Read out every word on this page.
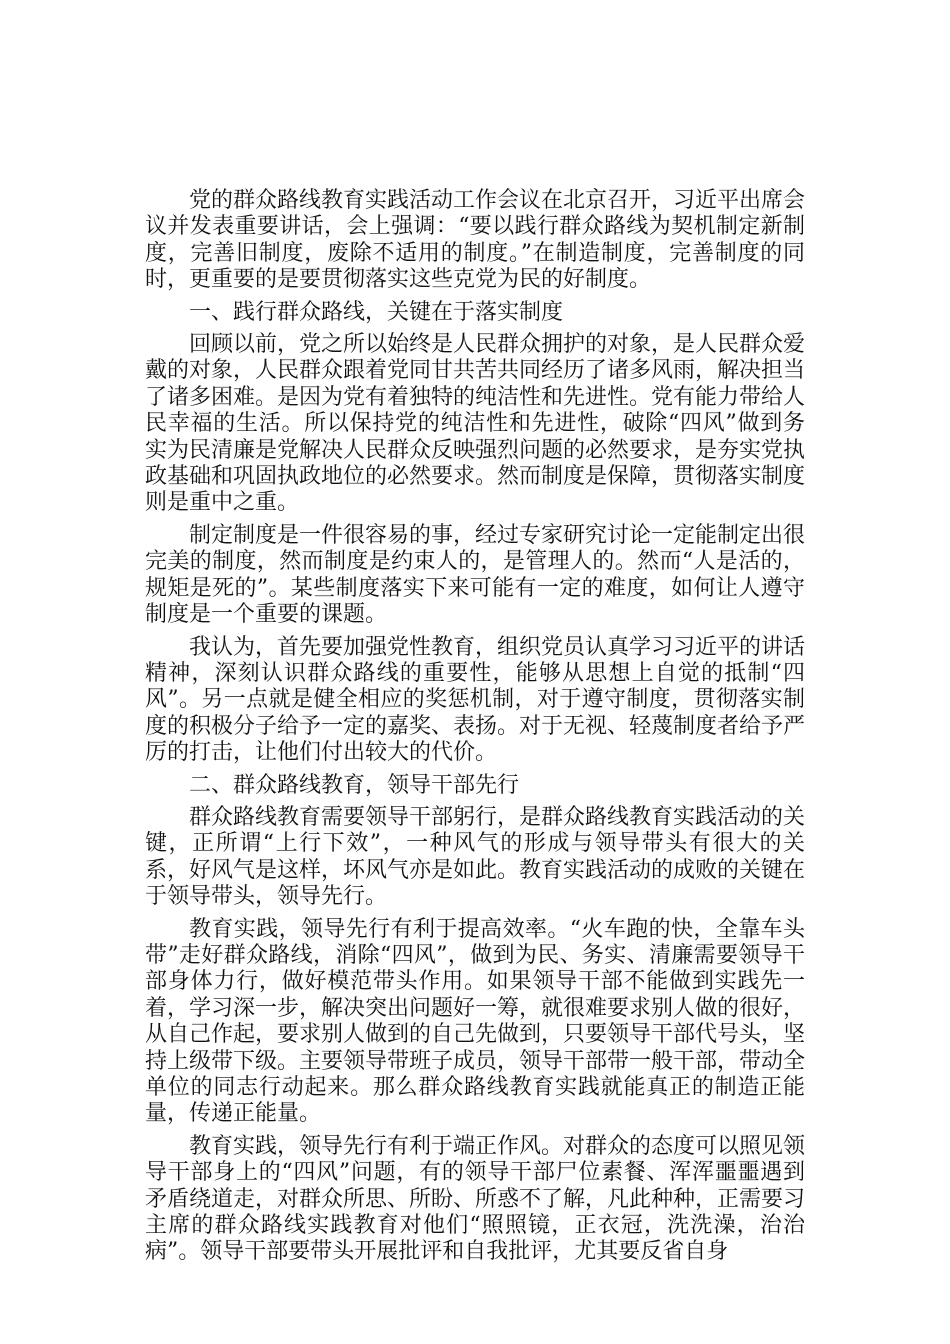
党的群众路线教育实践活动工作会议在北京召开，习近平出席会议并发表重要讲话，会上强调：“要以践行群众路线为契机制定新制度，完善旧制度，废除不适用的制度。”在制造制度，完善制度的同时，更重要的是要贯彻落实这些克党为民的好制度。

一、践行群众路线，关键在于落实制度

回顾以前，党之所以始终是人民群众拥护的对象，是人民群众爱戴的对象，人民群众跟着党同甘共苦共同经历了诸多风雨，解决担当了诸多困难。是因为党有着独特的纯洁性和先进性。党有能力带给人民幸福的生活。所以保持党的纯洁性和先进性，破除“四风”做到务实为民清廉是党解决人民群众反映强烈问题的必然要求，是夯实党执政基础和巩固执政地位的必然要求。然而制度是保障，贯彻落实制度则是重中之重。

制定制度是一件很容易的事，经过专家研究讨论一定能制定出很完美的制度，然而制度是约束人的，是管理人的。然而“人是活的，规矩是死的”。某些制度落实下来可能有一定的难度，如何让人遵守制度是一个重要的课题。

我认为，首先要加强党性教育，组织党员认真学习习近平的讲话精神，深刻认识群众路线的重要性，能够从思想上自觉的抵制“四风”。另一点就是健全相应的奖惩机制，对于遵守制度，贯彻落实制度的积极分子给予一定的嘉奖、表扬。对于无视、轻蔑制度者给予严厉的打击，让他们付出较大的代价。

二、群众路线教育，领导干部先行

群众路线教育需要领导干部躬行，是群众路线教育实践活动的关键，正所谓“上行下效”，一种风气的形成与领导带头有很大的关系，好风气是这样，坏风气亦是如此。教育实践活动的成败的关键在于领导带头，领导先行。

教育实践，领导先行有利于提高效率。“火车跑的快，全靠车头带”走好群众路线，消除“四风”，做到为民、务实、清廉需要领导干部身体力行，做好模范带头作用。如果领导干部不能做到实践先一着，学习深一步，解决突出问题好一筹，就很难要求别人做的很好，从自己作起，要求别人做到的自己先做到，只要领导干部代号头，坚持上级带下级。主要领导带班子成员，领导干部带一般干部，带动全单位的同志行动起来。那么群众路线教育实践就能真正的制造正能量，传递正能量。

教育实践，领导先行有利于端正作风。对群众的态度可以照见领导干部身上的“四风”问题，有的领导干部尸位素餐、浑浑噩噩遇到矛盾绕道走，对群众所思、所盼、所惑不了解，凡此种种，正需要习主席的群众路线实践教育对他们“照照镜，正衣冠，洗洗澡，治治病”。领导干部要带头开展批评和自我批评，尤其要反省自身
